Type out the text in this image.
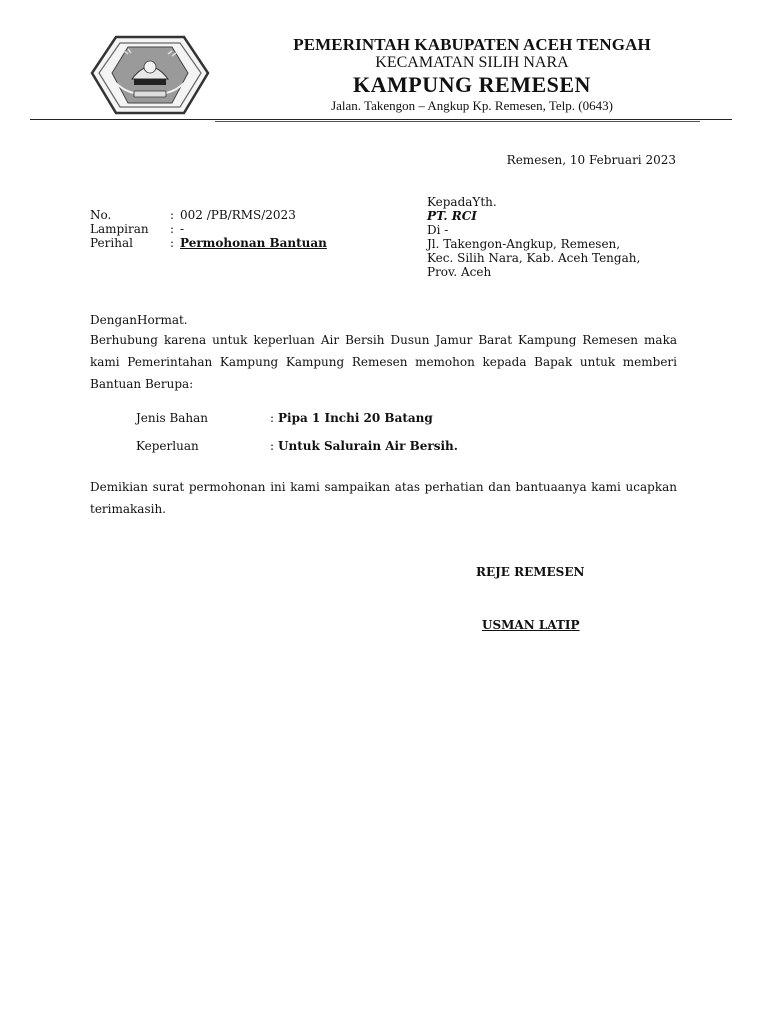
PEMERINTAH KABUPATEN ACEH TENGAH
KECAMATAN SILIH NARA
KAMPUNG REMESEN
Jalan. Takengon – Angkup Kp. Remesen, Telp. (0643)
Remesen, 10 Februari 2023
No.	: 002 /PB/RMS/2023
Lampiran : -
Perihal	: Permohonan Bantuan
KepadaYth.
PT. RCI
Di -
Jl. Takengon-Angkup, Remesen,
Kec. Silih Nara, Kab. Aceh Tengah,
Prov. Aceh
DenganHormat.
Berhubung karena untuk keperluan Air Bersih Dusun Jamur Barat Kampung Remesen maka kami Pemerintahan Kampung Kampung Remesen memohon kepada Bapak untuk memberi Bantuan Berupa:
Jenis Bahan	: Pipa 1 Inchi 20 Batang
Keperluan	: Untuk Salurain Air Bersih.
Demikian surat permohonan ini kami sampaikan atas perhatian dan bantuaanya kami ucapkan terimakasih.
REJE REMESEN
USMAN LATIP
